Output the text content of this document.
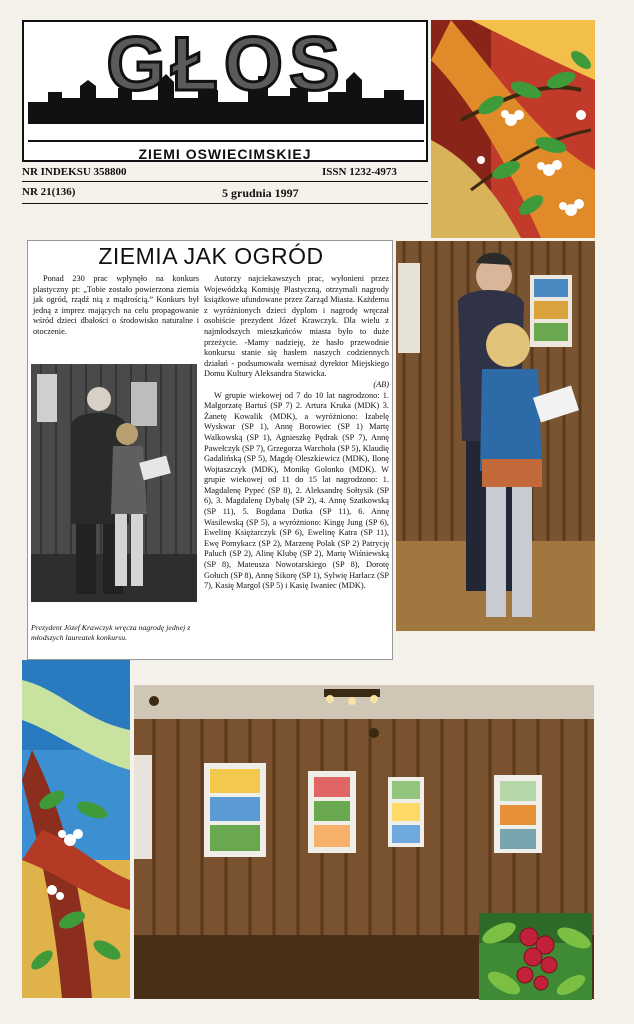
GŁOS
ZIEMI OSWIECIMSKIEJ
NR INDEKSU 358800	ISSN 1232-4973
NR 21(136)	5 grudnia 1997
ZIEMIA JAK OGRÓD

Ponad 230 prac wpłynęło na konkurs plastyczny pt: „Tobie zostało powierzona ziemia jak ogród, rządź nią z mądrością.” Konkurs był jedną z imprez mających na celu propagowanie wśród dzieci dbałości o środowisko naturalne i otoczenie.

Prezydent Józef Krawczyk wręcza nagrodę jednej z młodszych laureatek konkursu.

Autorzy najciekawszych prac, wyłonieni przez Wojewódzką Komisję Plastyczną, otrzymali nagrody książkowe ufundowane przez Zarząd Miasta. Każdemu z wyróżnionych dzieci dyplom i nagrodę wręczał osobiście prezydent Józef Krawczyk. Dla wielu z najmłodszych mieszkańców miasta było to duże przeżycie. -Mamy nadzieję, że hasło przewodnie konkursu stanie się hasłem naszych codziennych działań - podsumowała wernisaż dyrektor Miejskiego Domu Kultury Aleksandra Stawicka.

(AB)

W grupie wiekowej od 7 do 10 lat nagrodzono: 1. Małgorzatę Bartuś (SP 7) 2. Artura Kruka (MDK) 3. Żanetę Kowalik (MDK), a wyróżniono: Izabelę Wyskwar (SP 1), Annę Borowiec (SP 1) Martę Walkowską (SP 1), Agnieszkę Pędrak (SP 7), Annę Pawełczyk (SP 7), Grzegorza Warchoła (SP 5), Klaudię Gadalińską (SP 5), Magdę Oleszkiewicz (MDK), Ilonę Wojtaszczyk (MDK), Monikę Golonko (MDK). W grupie wiekowej od 11 do 15 lat nagrodzono: 1. Magdalenę Pypeć (SP 8), 2. Aleksandrę Sołtysik (SP 6), 3. Magdalenę Dybałę (SP 2), 4. Annę Szatkowską (SP 11), 5. Bogdana Dutka (SP 11), 6. Annę Wasilewską (SP 5), a wyróżniono: Kingę Jung (SP 6), Ewelinę Księżarczyk (SP 6), Ewelinę Katra (SP 11), Ewę Pomykacz (SP 2), Marzenę Polak (SP 2) Patrycję Paluch (SP 2), Alinę Klubę (SP 2), Martę Wiśniewską (SP 8), Mateusza Nowotarskiego (SP 8), Dorotę Gołuch (SP 8), Annę Sikorę (SP 1), Sylwię Harlacz (SP 7), Kasię Margol (SP 5) i Kasię Iwaniec (MDK).
